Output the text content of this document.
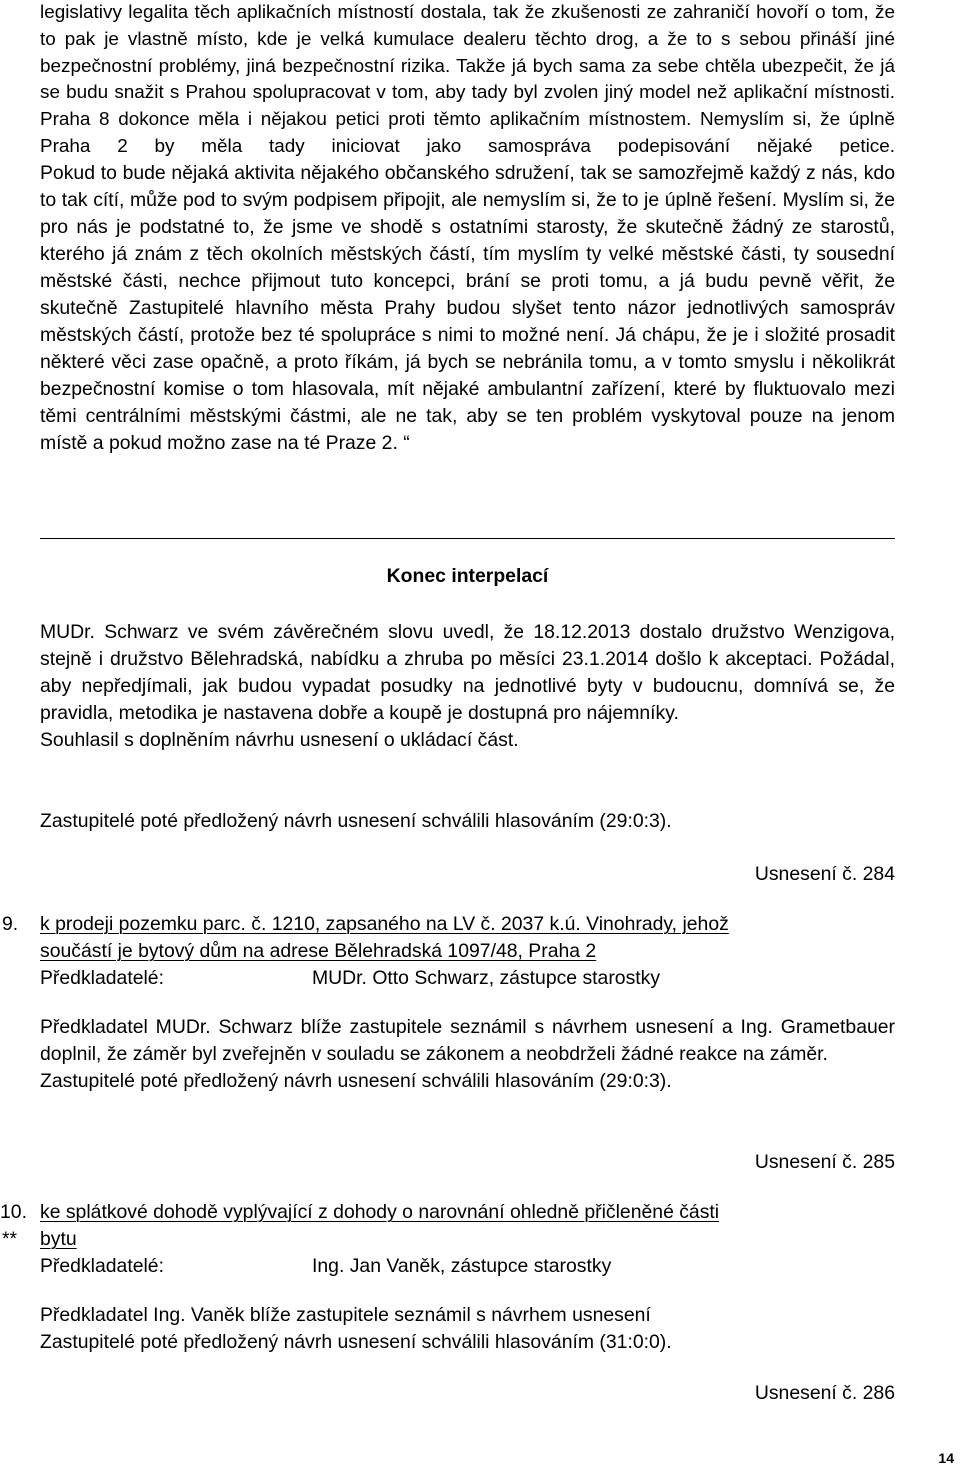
legislativy legalita těch aplikačních místností dostala, tak že zkušenosti ze zahraničí hovoří o tom, že to pak je vlastně místo, kde je velká kumulace dealeru těchto drog, a že to s sebou přináší jiné bezpečnostní problémy, jiná bezpečnostní rizika. Takže já bych sama za sebe chtěla ubezpečit, že já se budu snažit s Prahou spolupracovat v tom, aby tady byl zvolen jiný model než aplikační místnosti. Praha 8 dokonce měla i nějakou petici proti těmto aplikačním místnostem. Nemyslím si, že úplně Praha 2 by měla tady iniciovat jako samospráva podepisování nějaké petice.

Pokud to bude nějaká aktivita nějakého občanského sdružení, tak se samozřejmě každý z nás, kdo to tak cítí, může pod to svým podpisem připojit, ale nemyslím si, že to je úplně řešení. Myslím si, že pro nás je podstatné to, že jsme ve shodě s ostatními starosty, že skutečně žádný ze starostů, kterého já znám z těch okolních městských částí, tím myslím ty velké městské části, ty sousední městské části, nechce přijmout tuto koncepci, brání se proti tomu, a já budu pevně věřit, že skutečně Zastupitelé hlavního města Prahy budou slyšet tento názor jednotlivých samospráv městských částí, protože bez té spolupráce s nimi to možné není. Já chápu, že je i složité prosadit některé věci zase opačně, a proto říkám, já bych se nebránila tomu, a v tomto smyslu i několikrát bezpečnostní komise o tom hlasovala, mít nějaké ambulantní zařízení, které by fluktuovalo mezi těmi centrálními městskými částmi, ale ne tak, aby se ten problém vyskytoval pouze na jenom místě a pokud možno zase na té Praze 2. “

Konec interpelací

MUDr. Schwarz ve svém závěrečném slovu uvedl, že 18.12.2013 dostalo družstvo Wenzigova, stejně i družstvo Bělehradská, nabídku a zhruba po měsíci 23.1.2014 došlo k akceptaci. Požádal, aby nepředjímali, jak budou vypadat posudky na jednotlivé byty v budoucnu, domnívá se, že pravidla, metodika je nastavena dobře a koupě je dostupná pro nájemníky.

Souhlasil s doplněním návrhu usnesení o ukládací část.

Zastupitelé poté předložený návrh usnesení schválili hlasováním (29:0:3).

Usnesení č. 284
9. k prodeji pozemku parc. č. 1210, zapsaného na LV č. 2037 k.ú. Vinohrady, jehož

součástí je bytový dům na adrese Bělehradská 1097/48, Praha 2

Předkladatelé:	MUDr. Otto Schwarz, zástupce starostky

Předkladatel MUDr. Schwarz blíže zastupitele seznámil s návrhem usnesení a Ing. Grametbauer doplnil, že záměr byl zveřejněn v souladu se zákonem a neobdrželi žádné reakce na záměr.

Zastupitelé poté předložený návrh usnesení schválili hlasováním (29:0:3).

Usnesení č. 285
10.
**

ke splátkové dohodě vyplývající z dohody o narovnání ohledně přičleněné části

bytu

Předkladatelé:	Ing. Jan Vaněk, zástupce starostky

Předkladatel Ing. Vaněk blíže zastupitele seznámil s návrhem usnesení

Zastupitelé poté předložený návrh usnesení schválili hlasováním (31:0:0).

Usnesení č. 286
14
